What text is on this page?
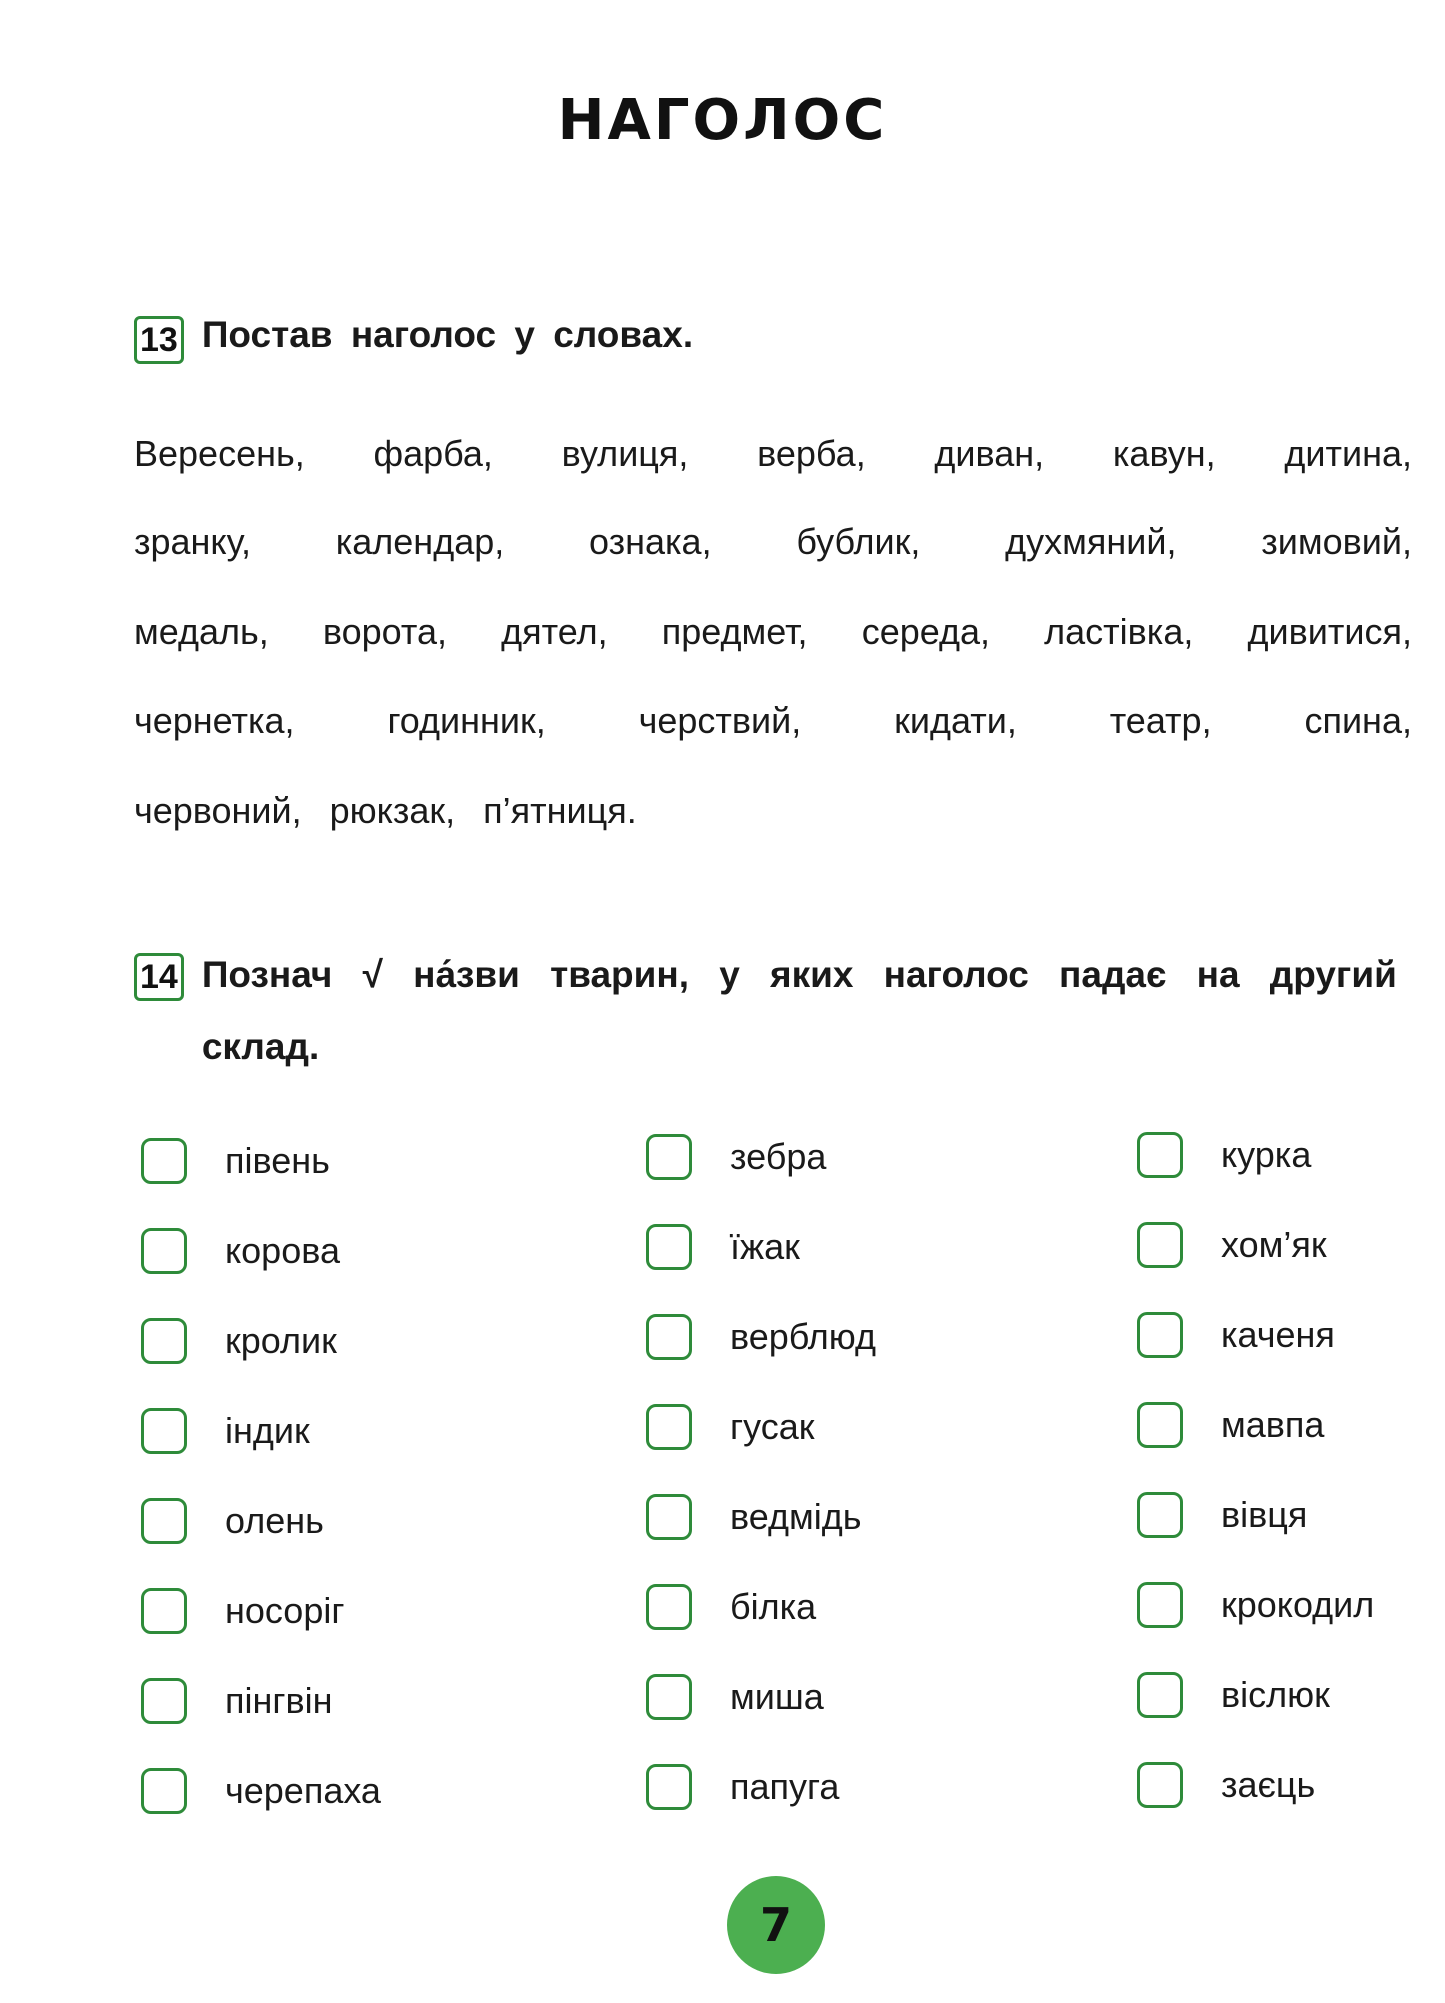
НАГОЛОС
13 Постав наголос у словах.
Вересень, фарба, вулиця, верба, диван, кавун, дитина,
зранку, календар, ознака, бублик, духмяний, зимовий,
медаль, ворота, дятел, предмет, середа, ластівка, дивитися,
чернетка,	годинник,	черствий,	кидати,	театр,	спина,
червоний, рюкзак, п’ятниця.
14 Познач √ на́зви тварин, у яких наголос падає на другий склад.
півень
корова
кролик
індик
олень
носоріг
пінгвін
черепаха
зебра
їжак
верблюд
гусак
ведмідь
білка
миша
папуга
курка
хом’як
каченя
мавпа
вівця
крокодил
віслюк
заєць
7
